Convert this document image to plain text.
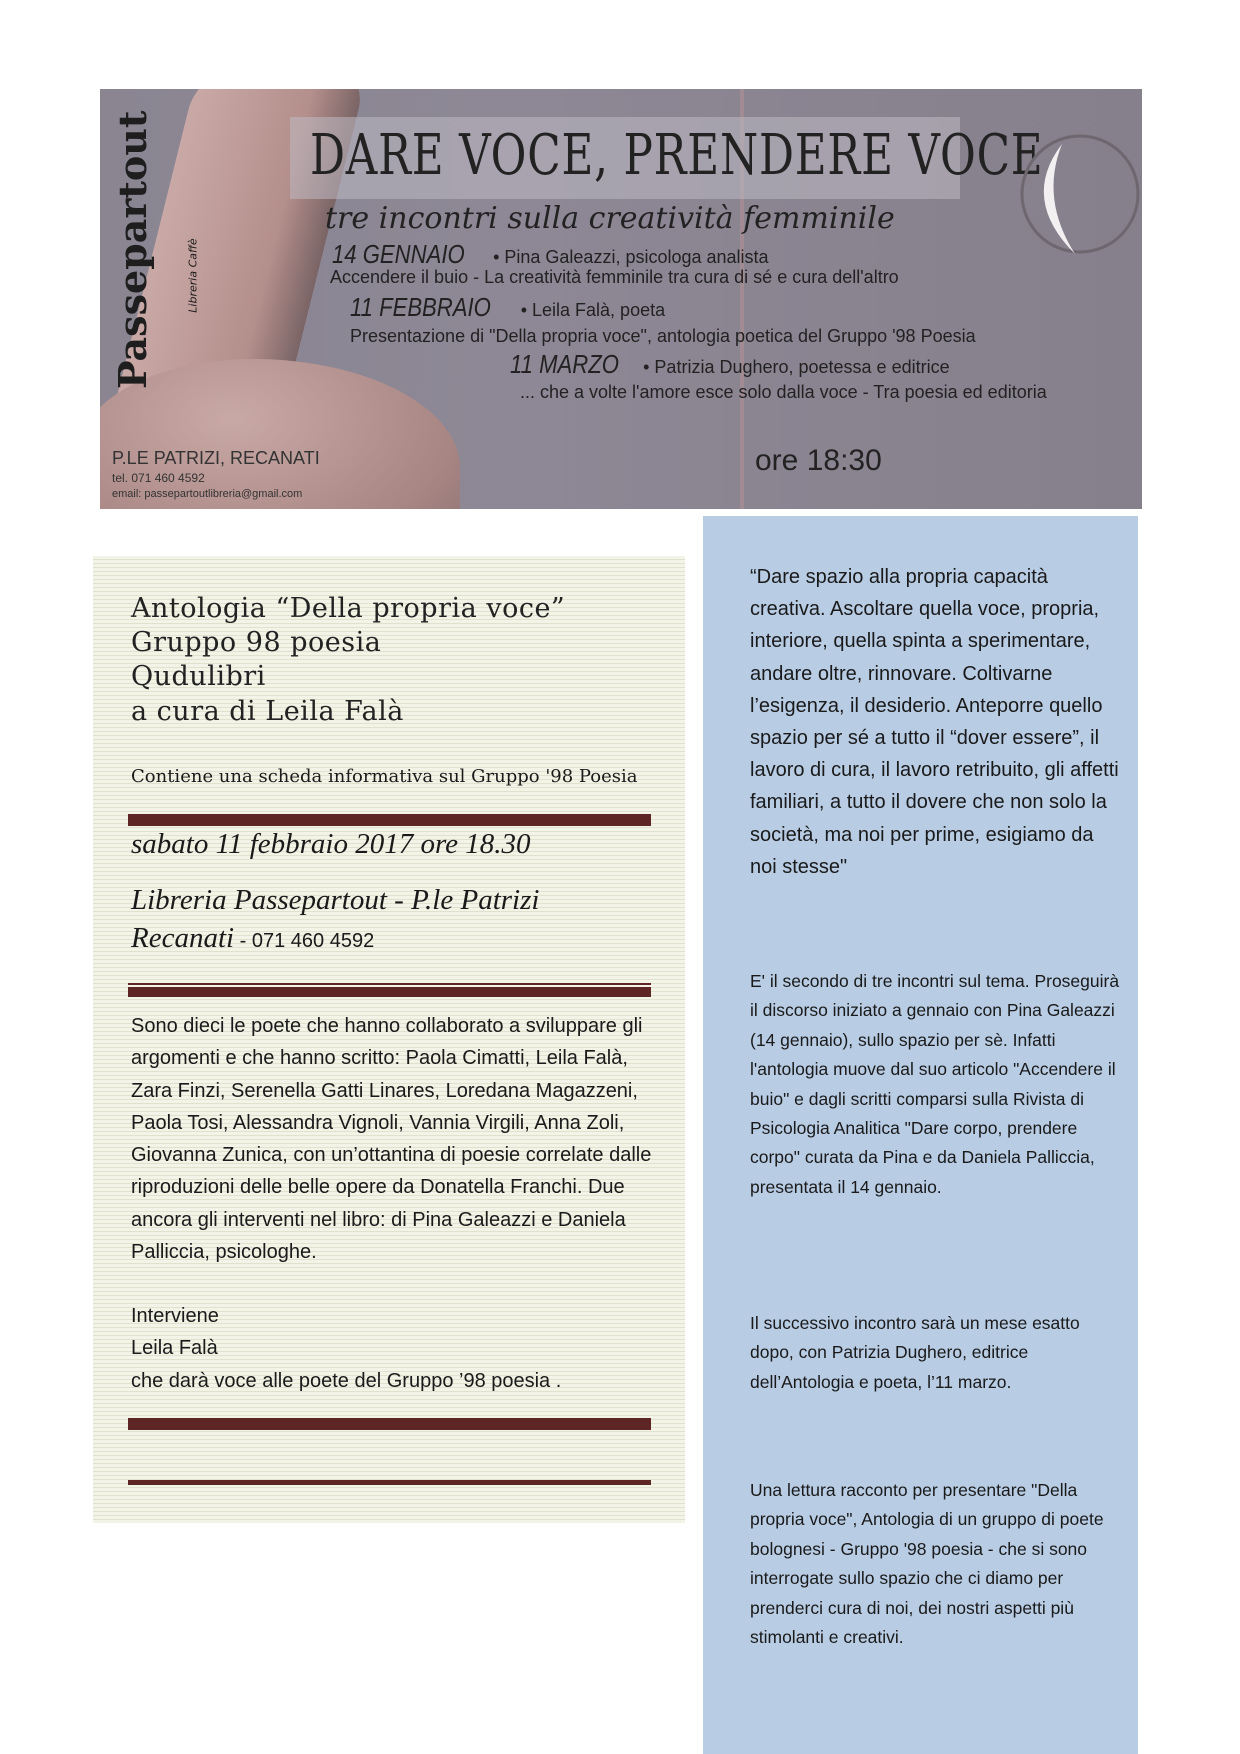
Passepartout	Libreria Caffè
DARE VOCE, PRENDERE VOCE
tre incontri sulla creatività femminile
14 GENNAIO • Pina Galeazzi, psicologa analista
Accendere il buio - La creatività femminile tra cura di sé e cura dell'altro
11 FEBBRAIO • Leila Falà, poeta
Presentazione di "Della propria voce", antologia poetica del Gruppo '98 Poesia
11 MARZO • Patrizia Dughero, poetessa e editrice
... che a volte l'amore esce solo dalla voce - Tra poesia ed editoria
ore 18:30
P.LE PATRIZI, RECANATI
tel. 071 460 4592
email: passepartoutlibreria@gmail.com
Antologia “Della propria voce”
Gruppo 98 poesia
Qudulibri
a cura di Leila Falà
Contiene una scheda informativa sul Gruppo '98 Poesia
sabato 11 febbraio 2017 ore 18.30
Libreria Passepartout - P.le Patrizi
Recanati - 071 460 4592
Sono dieci le poete che hanno collaborato a sviluppare gli argomenti e che hanno scritto: Paola Cimatti, Leila Falà, Zara Finzi, Serenella Gatti Linares, Loredana Magazzeni, Paola Tosi, Alessandra Vignoli, Vannia Virgili, Anna Zoli, Giovanna Zunica, con un’ottantina di poesie correlate dalle riproduzioni delle belle opere da Donatella Franchi. Due ancora gli interventi nel libro: di Pina Galeazzi e Daniela Palliccia, psicologhe.
Interviene
Leila Falà
che darà voce alle poete del Gruppo ’98 poesia .
“Dare spazio alla propria capacità creativa. Ascoltare quella voce, propria, interiore, quella spinta a sperimentare, andare oltre, rinnovare. Coltivarne l’esigenza, il desiderio. Anteporre quello spazio per sé a tutto il “dover essere”, il lavoro di cura, il lavoro retribuito, gli affetti familiari, a tutto il dovere che non solo la società, ma noi per prime, esigiamo da noi stesse"
E' il secondo di tre incontri sul tema. Proseguirà il discorso iniziato a gennaio con Pina Galeazzi (14 gennaio), sullo spazio per sè. Infatti l'antologia muove dal suo articolo "Accendere il buio" e dagli scritti comparsi sulla Rivista di Psicologia Analitica "Dare corpo, prendere corpo" curata da Pina e da Daniela Palliccia, presentata il 14 gennaio.
Il successivo incontro sarà un mese esatto dopo, con Patrizia Dughero, editrice dell’Antologia e poeta, l’11 marzo.
Una lettura racconto per presentare "Della propria voce", Antologia di un gruppo di poete bolognesi - Gruppo '98 poesia - che si sono interrogate sullo spazio che ci diamo per prenderci cura di noi, dei nostri aspetti più stimolanti e creativi.
